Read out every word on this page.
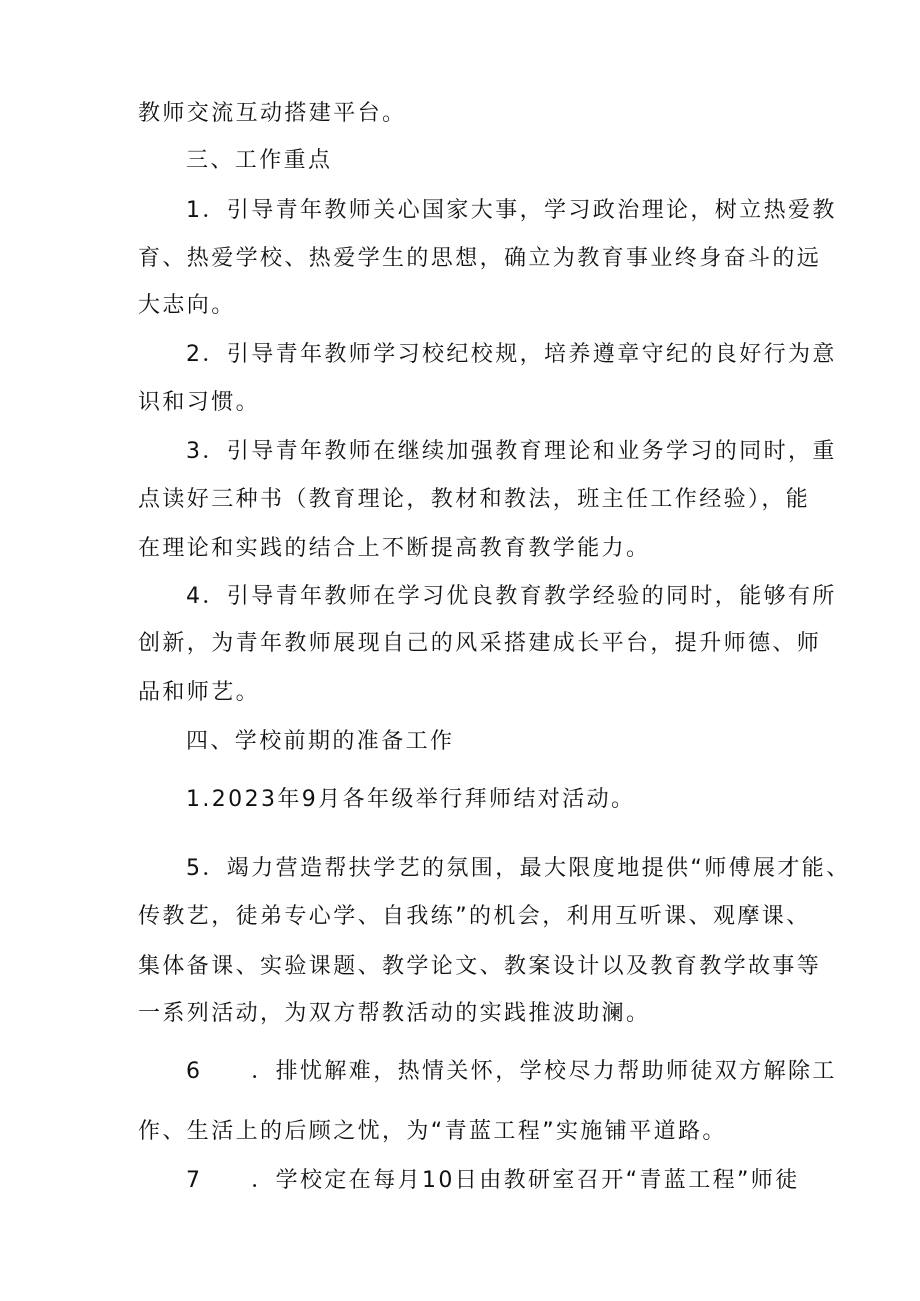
教师交流互动搭建平台。
三、工作重点
1．引导青年教师关心国家大事，学习政治理论，树立热爱教
育、热爱学校、热爱学生的思想，确立为教育事业终身奋斗的远
大志向。
2．引导青年教师学习校纪校规，培养遵章守纪的良好行为意
识和习惯。
3．引导青年教师在继续加强教育理论和业务学习的同时，重
点读好三种书（教育理论，教材和教法，班主任工作经验），能
在理论和实践的结合上不断提高教育教学能力。
4．引导青年教师在学习优良教育教学经验的同时，能够有所
创新，为青年教师展现自己的风采搭建成长平台，提升师德、师
品和师艺。
四、学校前期的准备工作
1.2023年9月各年级举行拜师结对活动。
5．竭力营造帮扶学艺的氛围，最大限度地提供“师傅展才能、
传教艺，徒弟专心学、自我练”的机会，利用互听课、观摩课、
集体备课、实验课题、教学论文、教案设计以及教育教学故事等
一系列活动，为双方帮教活动的实践推波助澜。
6　　．排忧解难，热情关怀，学校尽力帮助师徒双方解除工
作、生活上的后顾之忧，为“青蓝工程”实施铺平道路。
7　　．学校定在每月10日由教研室召开“青蓝工程”师徒
